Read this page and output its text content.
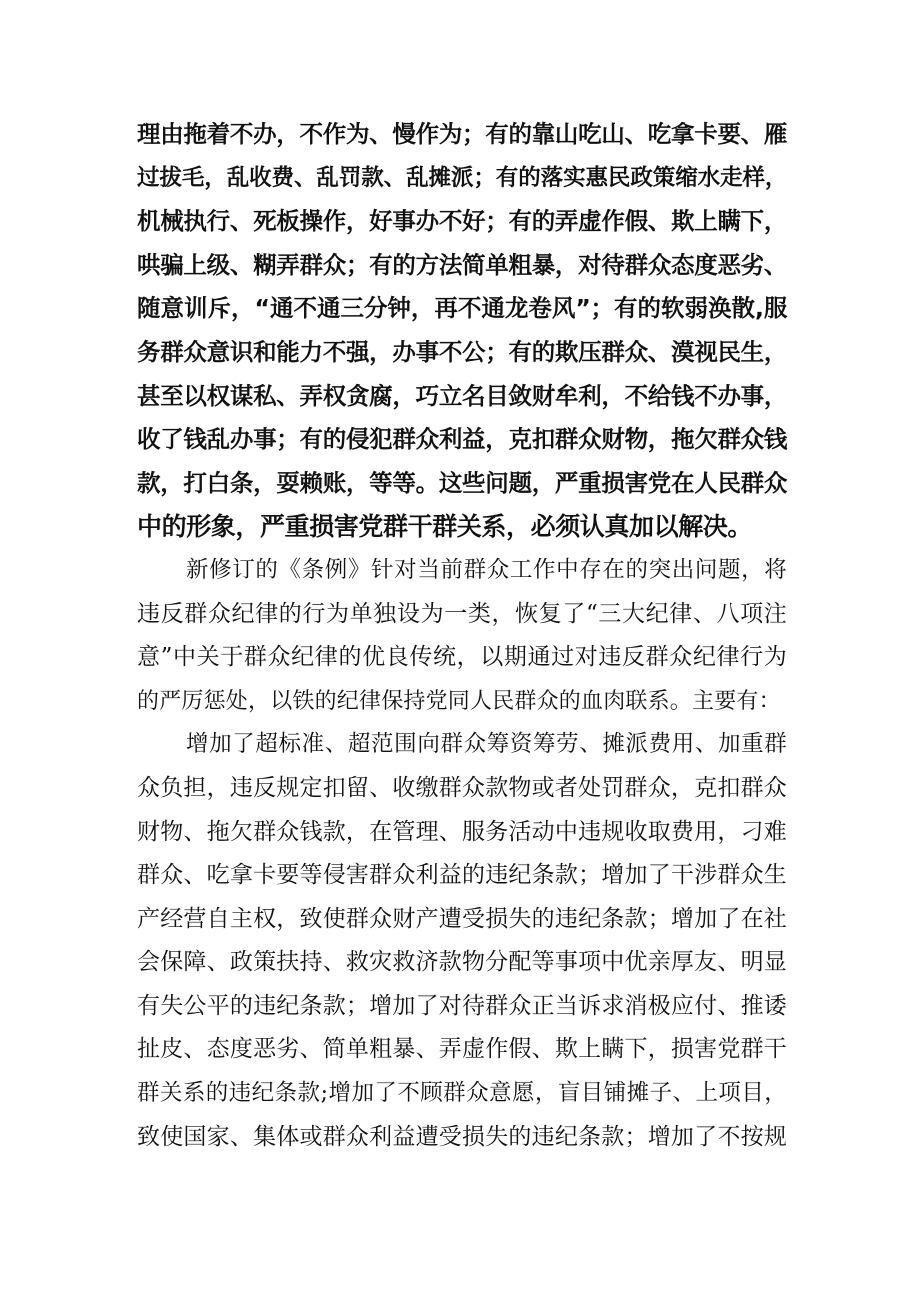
理由拖着不办，不作为、慢作为；有的靠山吃山、吃拿卡要、雁
过拔毛，乱收费、乱罚款、乱摊派；有的落实惠民政策缩水走样，
机械执行、死板操作，好事办不好；有的弄虚作假、欺上瞒下，
哄骗上级、糊弄群众；有的方法简单粗暴，对待群众态度恶劣、
随意训斥，“通不通三分钟，再不通龙卷风”；有的软弱涣散,服
务群众意识和能力不强，办事不公；有的欺压群众、漠视民生，
甚至以权谋私、弄权贪腐，巧立名目敛财牟利，不给钱不办事，
收了钱乱办事；有的侵犯群众利益，克扣群众财物，拖欠群众钱
款，打白条，耍赖账，等等。这些问题，严重损害党在人民群众
中的形象，严重损害党群干群关系，必须认真加以解决。
新修订的《条例》针对当前群众工作中存在的突出问题，将
违反群众纪律的行为单独设为一类，恢复了“三大纪律、八项注
意”中关于群众纪律的优良传统，以期通过对违反群众纪律行为
的严厉惩处，以铁的纪律保持党同人民群众的血肉联系。主要有：
增加了超标准、超范围向群众筹资筹劳、摊派费用、加重群
众负担，违反规定扣留、收缴群众款物或者处罚群众，克扣群众
财物、拖欠群众钱款，在管理、服务活动中违规收取费用，刁难
群众、吃拿卡要等侵害群众利益的违纪条款；增加了干涉群众生
产经营自主权，致使群众财产遭受损失的违纪条款；增加了在社
会保障、政策扶持、救灾救济款物分配等事项中优亲厚友、明显
有失公平的违纪条款；增加了对待群众正当诉求消极应付、推诿
扯皮、态度恶劣、简单粗暴、弄虚作假、欺上瞒下，损害党群干
群关系的违纪条款;增加了不顾群众意愿，盲目铺摊子、上项目，
致使国家、集体或群众利益遭受损失的违纪条款；增加了不按规
